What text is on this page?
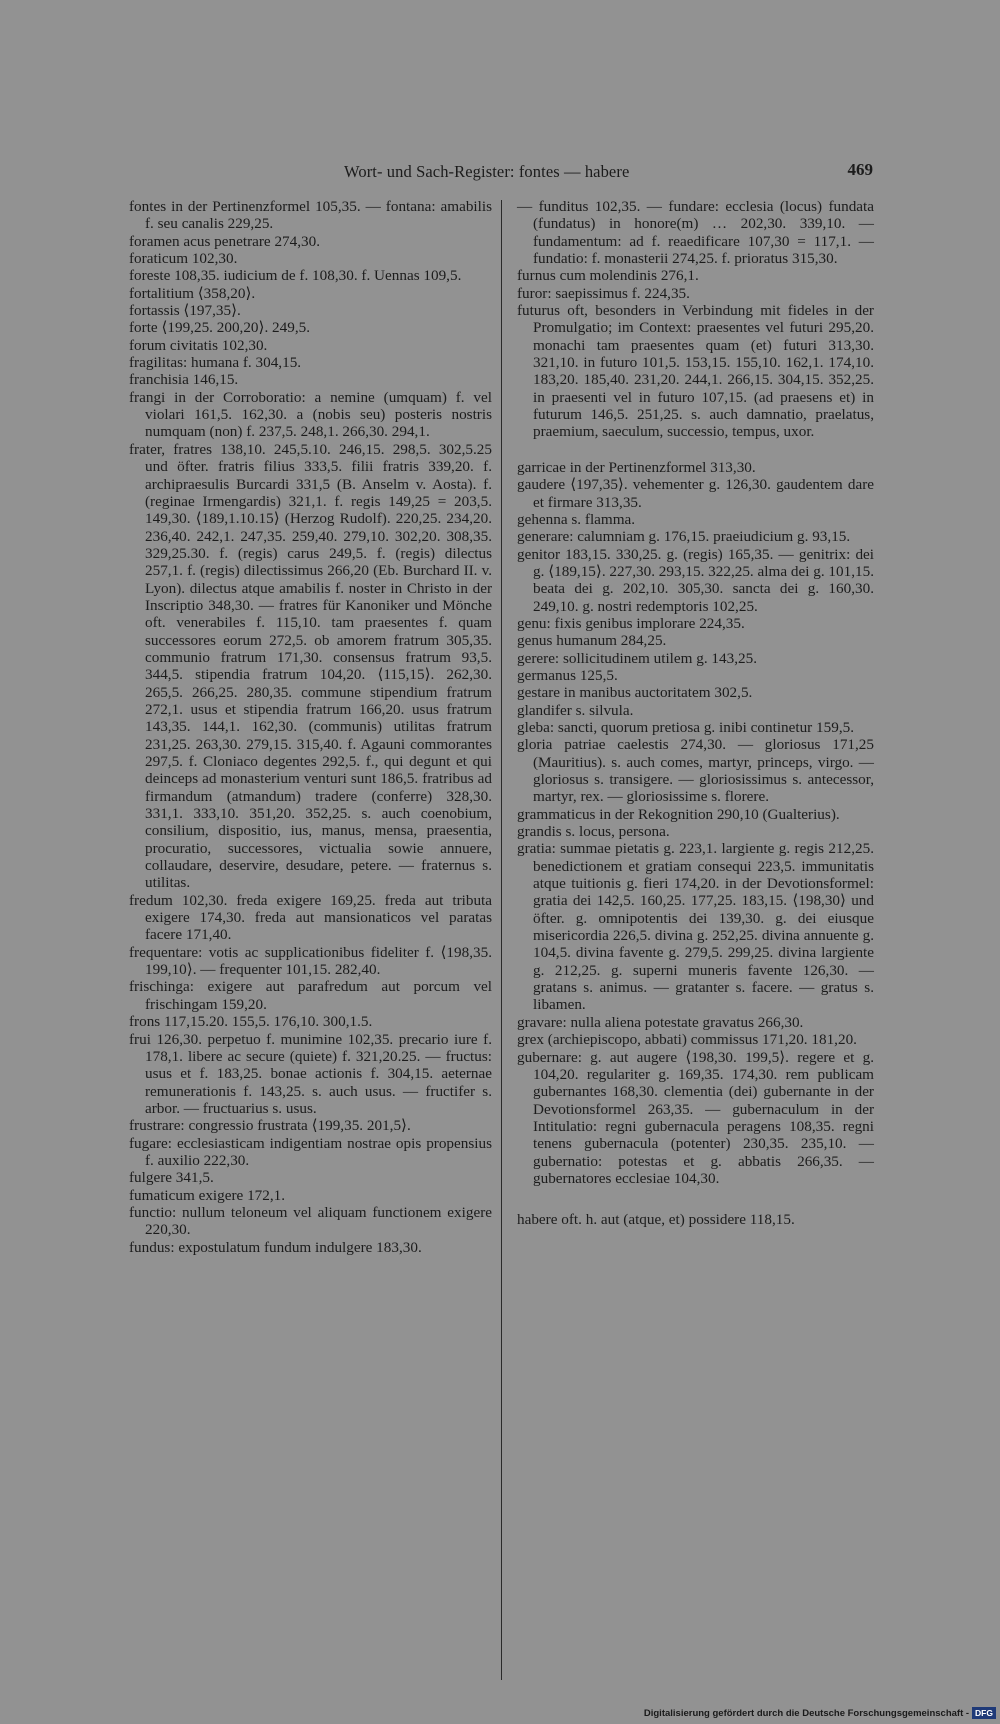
Wort- und Sach-Register: fontes — habere	469

fontes in der Pertinenzformel 105,35. — fontana: amabilis f. seu canalis 229,25.

foramen acus penetrare 274,30.

foraticum 102,30.

foreste 108,35. iudicium de f. 108,30. f. Uennas 109,5.

fortalitium ⟨358,20⟩.

fortassis ⟨197,35⟩.

forte ⟨199,25. 200,20⟩. 249,5.

forum civitatis 102,30.

fragilitas: humana f. 304,15.

franchisia 146,15.

frangi in der Corroboratio: a nemine (umquam) f. vel violari 161,5. 162,30. a (nobis seu) posteris nostris numquam (non) f. 237,5. 248,1. 266,30. 294,1.

frater, fratres 138,10. 245,5.10. 246,15. 298,5. 302,5.25 und öfter. fratris filius 333,5. filii fratris 339,20. f. archipraesulis Burcardi 331,5 (B. Anselm v. Aosta). f. (reginae Irmengardis) 321,1. f. regis 149,25 = 203,5. 149,30. ⟨189,1.10.15⟩ (Herzog Rudolf). 220,25. 234,20. 236,40. 242,1. 247,35. 259,40. 279,10. 302,20. 308,35. 329,25.30. f. (regis) carus 249,5. f. (regis) dilectus 257,1. f. (regis) dilectissimus 266,20 (Eb. Burchard II. v. Lyon). dilectus atque amabilis f. noster in Christo in der Inscriptio 348,30. — fratres für Kanoniker und Mönche oft. venerabiles f. 115,10. tam praesentes f. quam successores eorum 272,5. ob amorem fratrum 305,35. communio fratrum 171,30. consensus fratrum 93,5. 344,5. stipendia fratrum 104,20. ⟨115,15⟩. 262,30. 265,5. 266,25. 280,35. commune stipendium fratrum 272,1. usus et stipendia fratrum 166,20. usus fratrum 143,35. 144,1. 162,30. (communis) utilitas fratrum 231,25. 263,30. 279,15. 315,40. f. Agauni commorantes 297,5. f. Cloniaco degentes 292,5. f., qui degunt et qui deinceps ad monasterium venturi sunt 186,5. fratribus ad firmandum (atmandum) tradere (conferre) 328,30. 331,1. 333,10. 351,20. 352,25. s. auch coenobium, consilium, dispositio, ius, manus, mensa, praesentia, procuratio, successores, victualia sowie annuere, collaudare, deservire, desudare, petere. — fraternus s. utilitas.

fredum 102,30. freda exigere 169,25. freda aut tributa exigere 174,30. freda aut mansionaticos vel paratas facere 171,40.

frequentare: votis ac supplicationibus fideliter f. ⟨198,35. 199,10⟩. — frequenter 101,15. 282,40.

frischinga: exigere aut parafredum aut porcum vel frischingam 159,20.

frons 117,15.20. 155,5. 176,10. 300,1.5.

frui 126,30. perpetuo f. munimine 102,35. precario iure f. 178,1. libere ac secure (quiete) f. 321,20.25. — fructus: usus et f. 183,25. bonae actionis f. 304,15. aeternae remunerationis f. 143,25. s. auch usus. — fructifer s. arbor. — fructuarius s. usus.

frustrare: congressio frustrata ⟨199,35. 201,5⟩.

fugare: ecclesiasticam indigentiam nostrae opis propensius f. auxilio 222,30.

fulgere 341,5.

fumaticum exigere 172,1.

functio: nullum teloneum vel aliquam functionem exigere 220,30.

fundus: expostulatum fundum indulgere 183,30.

— funditus 102,35. — fundare: ecclesia (locus) fundata (fundatus) in honore(m) … 202,30. 339,10. — fundamentum: ad f. reaedificare 107,30 = 117,1. — fundatio: f. monasterii 274,25. f. prioratus 315,30.

furnus cum molendinis 276,1.

furor: saepissimus f. 224,35.

futurus oft, besonders in Verbindung mit fideles in der Promulgatio; im Context: praesentes vel futuri 295,20. monachi tam praesentes quam (et) futuri 313,30. 321,10. in futuro 101,5. 153,15. 155,10. 162,1. 174,10. 183,20. 185,40. 231,20. 244,1. 266,15. 304,15. 352,25. in praesenti vel in futuro 107,15. (ad praesens et) in futurum 146,5. 251,25. s. auch damnatio, praelatus, praemium, saeculum, successio, tempus, uxor.

garricae in der Pertinenzformel 313,30.

gaudere ⟨197,35⟩. vehementer g. 126,30. gaudentem dare et firmare 313,35.

gehenna s. flamma.

generare: calumniam g. 176,15. praeiudicium g. 93,15.

genitor 183,15. 330,25. g. (regis) 165,35. — genitrix: dei g. ⟨189,15⟩. 227,30. 293,15. 322,25. alma dei g. 101,15. beata dei g. 202,10. 305,30. sancta dei g. 160,30. 249,10. g. nostri redemptoris 102,25.

genu: fixis genibus implorare 224,35.

genus humanum 284,25.

gerere: sollicitudinem utilem g. 143,25.

germanus 125,5.

gestare in manibus auctoritatem 302,5.

glandifer s. silvula.

gleba: sancti, quorum pretiosa g. inibi continetur 159,5.

gloria patriae caelestis 274,30. — gloriosus 171,25 (Mauritius). s. auch comes, martyr, princeps, virgo. — gloriosus s. transigere. — gloriosissimus s. antecessor, martyr, rex. — gloriosissime s. florere.

grammaticus in der Rekognition 290,10 (Gualterius).

grandis s. locus, persona.

gratia: summae pietatis g. 223,1. largiente g. regis 212,25. benedictionem et gratiam consequi 223,5. immunitatis atque tuitionis g. fieri 174,20. in der Devotionsformel: gratia dei 142,5. 160,25. 177,25. 183,15. ⟨198,30⟩ und öfter. g. omnipotentis dei 139,30. g. dei eiusque misericordia 226,5. divina g. 252,25. divina annuente g. 104,5. divina favente g. 279,5. 299,25. divina largiente g. 212,25. g. superni muneris favente 126,30. — gratans s. animus. — gratanter s. facere. — gratus s. libamen.

gravare: nulla aliena potestate gravatus 266,30.

grex (archiepiscopo, abbati) commissus 171,20. 181,20.

gubernare: g. aut augere ⟨198,30. 199,5⟩. regere et g. 104,20. regulariter g. 169,35. 174,30. rem publicam gubernantes 168,30. clementia (dei) gubernante in der Devotionsformel 263,35. — gubernaculum in der Intitulatio: regni gubernacula peragens 108,35. regni tenens gubernacula (potenter) 230,35. 235,10. — gubernatio: potestas et g. abbatis 266,35. — gubernatores ecclesiae 104,30.

habere oft. h. aut (atque, et) possidere 118,15.

Digitalisierung gefördert durch die Deutsche Forschungsgemeinschaft - DFG
